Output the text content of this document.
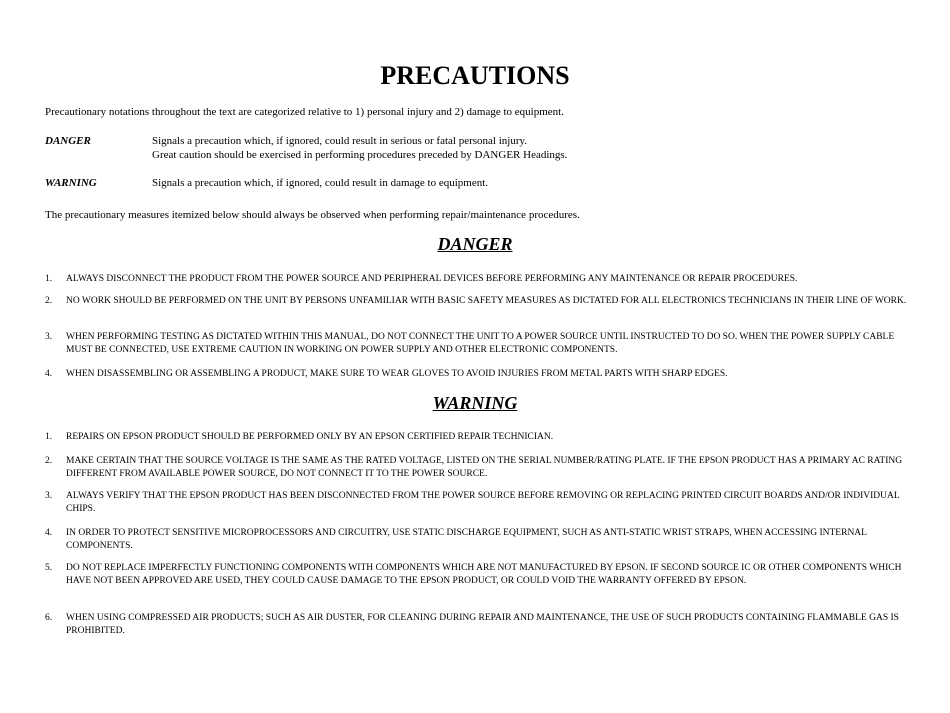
PRECAUTIONS
Precautionary notations throughout the text are categorized relative to 1) personal injury and 2) damage to equipment.
DANGER	Signals a precaution which, if ignored, could result in serious or fatal personal injury.
Great caution should be exercised in performing procedures preceded by DANGER Headings.
WARNING	Signals a precaution which, if ignored, could result in damage to equipment.
The precautionary measures itemized below should always be observed when performing repair/maintenance procedures.
DANGER
1. ALWAYS DISCONNECT THE PRODUCT FROM THE POWER SOURCE AND PERIPHERAL DEVICES BEFORE PERFORMING ANY MAINTENANCE OR REPAIR PROCEDURES.
2. NO WORK SHOULD BE PERFORMED ON THE UNIT BY PERSONS UNFAMILIAR WITH BASIC SAFETY MEASURES AS DICTATED FOR ALL ELECTRONICS TECHNICIANS IN THEIR LINE OF WORK.
3. WHEN PERFORMING TESTING AS DICTATED WITHIN THIS MANUAL, DO NOT CONNECT THE UNIT TO A POWER SOURCE UNTIL INSTRUCTED TO DO SO. WHEN THE POWER SUPPLY CABLE MUST BE CONNECTED, USE EXTREME CAUTION IN WORKING ON POWER SUPPLY AND OTHER ELECTRONIC COMPONENTS.
4. WHEN DISASSEMBLING OR ASSEMBLING A PRODUCT, MAKE SURE TO WEAR GLOVES TO AVOID INJURIES FROM METAL PARTS WITH SHARP EDGES.
WARNING
1. REPAIRS ON EPSON PRODUCT SHOULD BE PERFORMED ONLY BY AN EPSON CERTIFIED REPAIR TECHNICIAN.
2. MAKE CERTAIN THAT THE SOURCE VOLTAGE IS THE SAME AS THE RATED VOLTAGE, LISTED ON THE SERIAL NUMBER/RATING PLATE. IF THE EPSON PRODUCT HAS A PRIMARY AC RATING DIFFERENT FROM AVAILABLE POWER SOURCE, DO NOT CONNECT IT TO THE POWER SOURCE.
3. ALWAYS VERIFY THAT THE EPSON PRODUCT HAS BEEN DISCONNECTED FROM THE POWER SOURCE BEFORE REMOVING OR REPLACING PRINTED CIRCUIT BOARDS AND/OR INDIVIDUAL CHIPS.
4. IN ORDER TO PROTECT SENSITIVE MICROPROCESSORS AND CIRCUITRY, USE STATIC DISCHARGE EQUIPMENT, SUCH AS ANTI-STATIC WRIST STRAPS, WHEN ACCESSING INTERNAL COMPONENTS.
5. DO NOT REPLACE IMPERFECTLY FUNCTIONING COMPONENTS WITH COMPONENTS WHICH ARE NOT MANUFACTURED BY EPSON. IF SECOND SOURCE IC OR OTHER COMPONENTS WHICH HAVE NOT BEEN APPROVED ARE USED, THEY COULD CAUSE DAMAGE TO THE EPSON PRODUCT, OR COULD VOID THE WARRANTY OFFERED BY EPSON.
6. WHEN USING COMPRESSED AIR PRODUCTS; SUCH AS AIR DUSTER, FOR CLEANING DURING REPAIR AND MAINTENANCE, THE USE OF SUCH PRODUCTS CONTAINING FLAMMABLE GAS IS PROHIBITED.
